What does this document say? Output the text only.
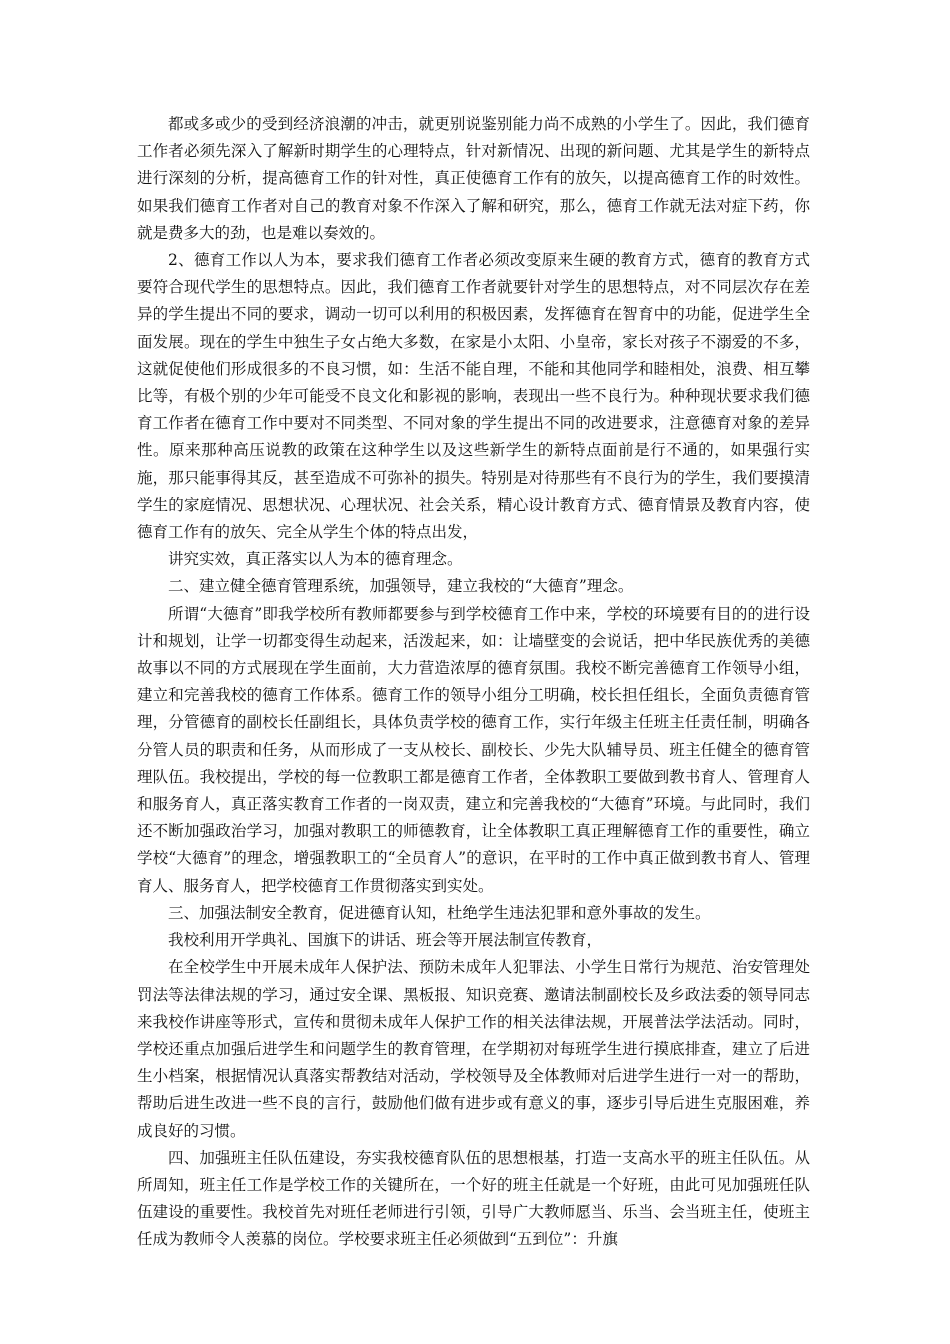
都或多或少的受到经济浪潮的冲击，就更别说鉴别能力尚不成熟的小学生了。因此，我们德育工作者必须先深入了解新时期学生的心理特点，针对新情况、出现的新问题、尤其是学生的新特点进行深刻的分析，提高德育工作的针对性，真正使德育工作有的放矢，以提高德育工作的时效性。如果我们德育工作者对自己的教育对象不作深入了解和研究，那么，德育工作就无法对症下药，你就是费多大的劲，也是难以奏效的。

2、德育工作以人为本，要求我们德育工作者必须改变原来生硬的教育方式，德育的教育方式要符合现代学生的思想特点。因此，我们德育工作者就要针对学生的思想特点，对不同层次存在差异的学生提出不同的要求，调动一切可以利用的积极因素，发挥德育在智育中的功能，促进学生全面发展。现在的学生中独生子女占绝大多数，在家是小太阳、小皇帝，家长对孩子不溺爱的不多，这就促使他们形成很多的不良习惯，如：生活不能自理，不能和其他同学和睦相处，浪费、相互攀比等，有极个别的少年可能受不良文化和影视的影响，表现出一些不良行为。种种现状要求我们德育工作者在德育工作中要对不同类型、不同对象的学生提出不同的改进要求，注意德育对象的差异性。原来那种高压说教的政策在这种学生以及这些新学生的新特点面前是行不通的，如果强行实施，那只能事得其反，甚至造成不可弥补的损失。特别是对待那些有不良行为的学生，我们要摸清学生的家庭情况、思想状况、心理状况、社会关系，精心设计教育方式、德育情景及教育内容，使德育工作有的放矢、完全从学生个体的特点出发，

讲究实效，真正落实以人为本的德育理念。

二、建立健全德育管理系统，加强领导，建立我校的“大德育”理念。

所谓“大德育”即我学校所有教师都要参与到学校德育工作中来，学校的环境要有目的的进行设计和规划，让学一切都变得生动起来，活泼起来，如：让墙壁变的会说话，把中华民族优秀的美德故事以不同的方式展现在学生面前，大力营造浓厚的德育氛围。我校不断完善德育工作领导小组，建立和完善我校的德育工作体系。德育工作的领导小组分工明确，校长担任组长，全面负责德育管理，分管德育的副校长任副组长，具体负责学校的德育工作，实行年级主任班主任责任制，明确各分管人员的职责和任务，从而形成了一支从校长、副校长、少先大队辅导员、班主任健全的德育管理队伍。我校提出，学校的每一位教职工都是德育工作者，全体教职工要做到教书育人、管理育人和服务育人，真正落实教育工作者的一岗双责，建立和完善我校的“大德育”环境。与此同时，我们还不断加强政治学习，加强对教职工的师德教育，让全体教职工真正理解德育工作的重要性，确立学校“大德育”的理念，增强教职工的“全员育人”的意识，在平时的工作中真正做到教书育人、管理育人、服务育人，把学校德育工作贯彻落实到实处。

三、加强法制安全教育，促进德育认知，杜绝学生违法犯罪和意外事故的发生。

我校利用开学典礼、国旗下的讲话、班会等开展法制宣传教育，

在全校学生中开展未成年人保护法、预防未成年人犯罪法、小学生日常行为规范、治安管理处罚法等法律法规的学习，通过安全课、黑板报、知识竞赛、邀请法制副校长及乡政法委的领导同志来我校作讲座等形式，宣传和贯彻未成年人保护工作的相关法律法规，开展普法学法活动。同时，学校还重点加强后进学生和问题学生的教育管理，在学期初对每班学生进行摸底排查，建立了后进生小档案，根据情况认真落实帮教结对活动，学校领导及全体教师对后进学生进行一对一的帮助，帮助后进生改进一些不良的言行，鼓励他们做有进步或有意义的事，逐步引导后进生克服困难，养成良好的习惯。

四、加强班主任队伍建设，夯实我校德育队伍的思想根基，打造一支高水平的班主任队伍。从所周知，班主任工作是学校工作的关键所在，一个好的班主任就是一个好班，由此可见加强班任队伍建设的重要性。我校首先对班任老师进行引领，引导广大教师愿当、乐当、会当班主任，使班主任成为教师令人羡慕的岗位。学校要求班主任必须做到“五到位”：升旗
